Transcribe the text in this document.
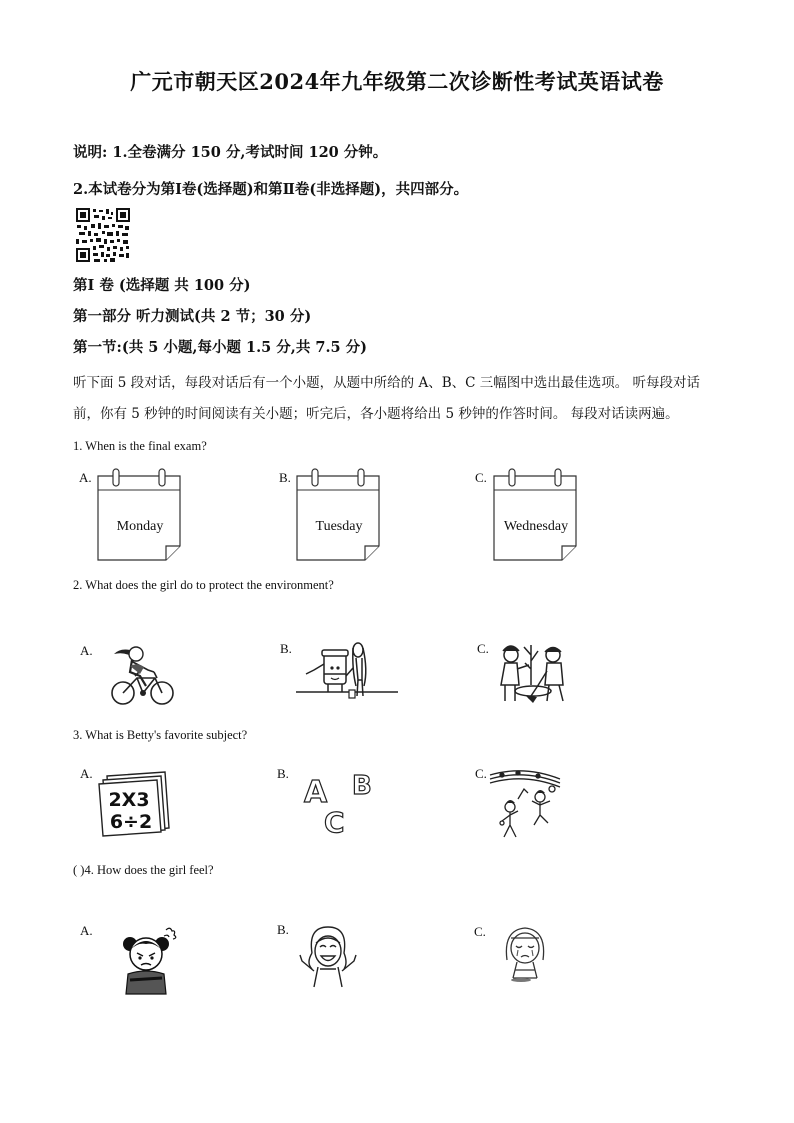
广元市朝天区2024年九年级第二次诊断性考试英语试卷
说明: 1.全卷满分 150 分,考试时间 120 分钟。
2.本试卷分为第Ⅰ卷(选择题)和第Ⅱ卷(非选择题)，共四部分。
第Ⅰ 卷 (选择题 共 100 分)
第一部分 听力测试(共 2 节；30 分)
第一节:(共 5 小题,每小题 1.5 分,共 7.5 分)
听下面 5 段对话，每段对话后有一个小题，从题中所给的 A、B、C 三幅图中选出最佳选项。 听每段对话
前，你有 5 秒钟的时间阅读有关小题；听完后，各小题将给出 5 秒钟的作答时间。 每段对话读两遍。
1. When is the final exam?
A.	B.	C.
Monday	Tuesday	Wednesday
2. What does the girl do to protect the environment?
A.	B.	C.
3. What is Betty's favorite subject?
A.	B.	C.
2X3
6÷2
A B
C
( )4. How does the girl feel?
A.	B.	C.
